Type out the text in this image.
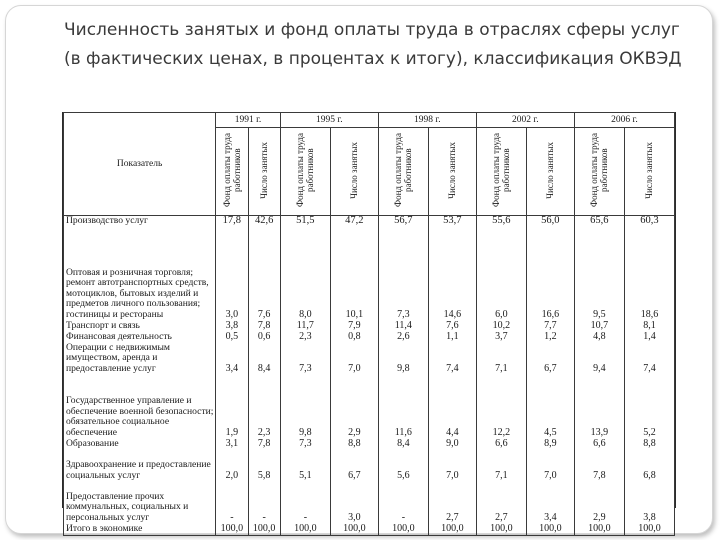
Численность занятых и фонд оплаты труда в отраслях сферы услуг (в фактических ценах, в процентах к итогу), классификация ОКВЭД
Показатель	1991 г.		1995 г.		1998 г.		2002 г.		2006 г.	
	Фонд оплаты труда работников	Число занятых	Фонд оплаты труда работников	Число занятых	Фонд оплаты труда работников	Число занятых	Фонд оплаты труда работников	Число занятых	Фонд оплаты труда работников	Число занятых
Производство услуг	17,8	42,6	51,5	47,2	56,7	53,7	55,6	56,0	65,6	60,3
Оптовая и розничная торговля; ремонт автотранспортных средств, мотоциклов, бытовых изделий и предметов личного пользования; гостиницы и рестораны	3,0	7,6	8,0	10,1	7,3	14,6	6,0	16,6	9,5	18,6
Транспорт и связь	3,8	7,8	11,7	7,9	11,4	7,6	10,2	7,7	10,7	8,1
Финансовая деятельность	0,5	0,6	2,3	0,8	2,6	1,1	3,7	1,2	4,8	1,4
Операции с недвижимым имуществом, аренда и предоставление услуг	3,4	8,4	7,3	7,0	9,8	7,4	7,1	6,7	9,4	7,4
Государственное управление и обеспечение военной безопасности; обязательное социальное обеспечение	1,9	2,3	9,8	2,9	11,6	4,4	12,2	4,5	13,9	5,2
Образование	3,1	7,8	7,3	8,8	8,4	9,0	6,6	8,9	6,6	8,8
Здравоохранение и предоставление социальных услуг	2,0	5,8	5,1	6,7	5,6	7,0	7,1	7,0	7,8	6,8
Предоставление прочих коммунальных, социальных и персональных услуг	-	-	-	3,0	-	2,7	2,7	3,4	2,9	3,8
Итого в экономике	100,0	100,0	100,0	100,0	100,0	100,0	100,0	100,0	100,0	100,0
